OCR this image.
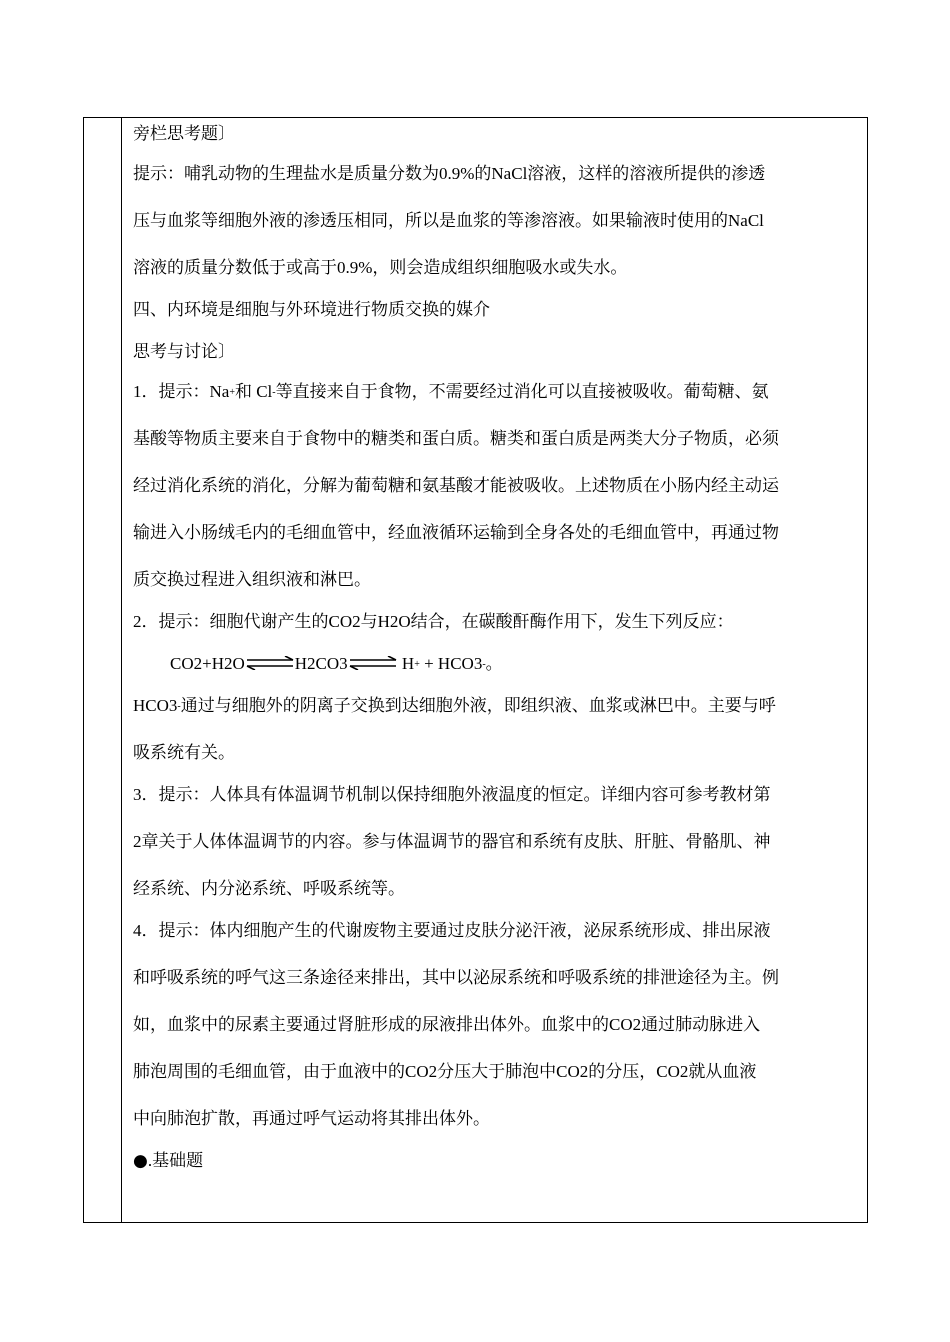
旁栏思考题〕
提示：哺乳动物的生理盐水是质量分数为0.9%的NaCl溶液，这样的溶液所提供的渗透
压与血浆等细胞外液的渗透压相同，所以是血浆的等渗溶液。如果输液时使用的NaCl
溶液的质量分数低于或高于0.9%，则会造成组织细胞吸水或失水。
四、内环境是细胞与外环境进行物质交换的媒介
思考与讨论〕
1．提示：Na+和 Cl-等直接来自于食物，不需要经过消化可以直接被吸收。葡萄糖、氨
基酸等物质主要来自于食物中的糖类和蛋白质。糖类和蛋白质是两类大分子物质，必须
经过消化系统的消化，分解为葡萄糖和氨基酸才能被吸收。上述物质在小肠内经主动运
输进入小肠绒毛内的毛细血管中，经血液循环运输到全身各处的毛细血管中，再通过物
质交换过程进入组织液和淋巴。
2．提示：细胞代谢产生的CO2与H2O结合，在碳酸酐酶作用下，发生下列反应：
CO2+H2O⇌H2CO3⇌ H+ + HCO3-。
HCO3-通过与细胞外的阴离子交换到达细胞外液，即组织液、血浆或淋巴中。主要与呼
吸系统有关。
3．提示：人体具有体温调节机制以保持细胞外液温度的恒定。详细内容可参考教材第
2章关于人体体温调节的内容。参与体温调节的器官和系统有皮肤、肝脏、骨骼肌、神
经系统、内分泌系统、呼吸系统等。
4．提示：体内细胞产生的代谢废物主要通过皮肤分泌汗液，泌尿系统形成、排出尿液
和呼吸系统的呼气这三条途径来排出，其中以泌尿系统和呼吸系统的排泄途径为主。例
如，血浆中的尿素主要通过肾脏形成的尿液排出体外。血浆中的CO2通过肺动脉进入
肺泡周围的毛细血管，由于血液中的CO2分压大于肺泡中CO2的分压，CO2就从血液
中向肺泡扩散，再通过呼气运动将其排出体外。
●.基础题
